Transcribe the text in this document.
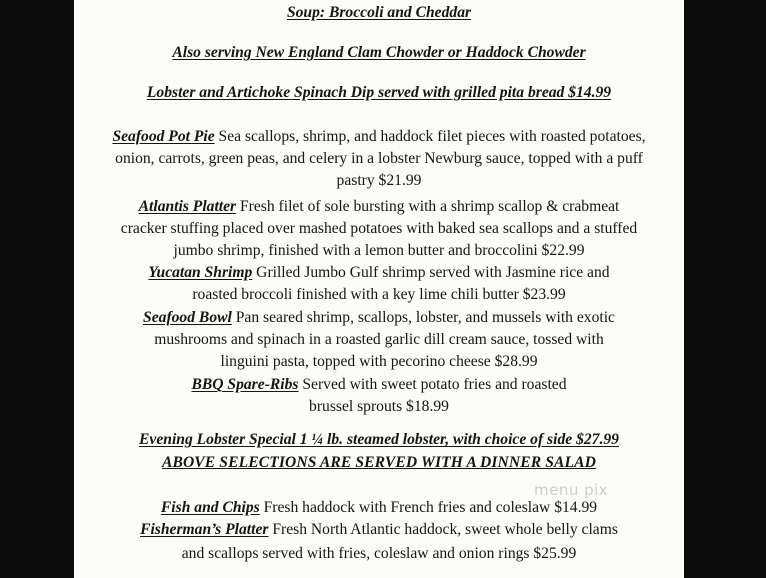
Soup: Broccoli and Cheddar
Also serving New England Clam Chowder or Haddock Chowder
Lobster and Artichoke Spinach Dip served with grilled pita bread $14.99
Seafood Pot Pie Sea scallops, shrimp, and haddock filet pieces with roasted potatoes,
onion, carrots, green peas, and celery in a lobster Newburg sauce, topped with a puff
pastry $21.99
Atlantis Platter Fresh filet of sole bursting with a shrimp scallop & crabmeat
cracker stuffing placed over mashed potatoes with baked sea scallops and a stuffed
jumbo shrimp, finished with a lemon butter and broccolini $22.99
Yucatan Shrimp Grilled Jumbo Gulf shrimp served with Jasmine rice and
roasted broccoli finished with a key lime chili butter $23.99
Seafood Bowl Pan seared shrimp, scallops, lobster, and mussels with exotic
mushrooms and spinach in a roasted garlic dill cream sauce, tossed with
linguini pasta, topped with pecorino cheese $28.99
BBQ Spare-Ribs Served with sweet potato fries and roasted
brussel sprouts $18.99
Evening Lobster Special 1 ¼ lb. steamed lobster, with choice of side $27.99
ABOVE SELECTIONS ARE SERVED WITH A DINNER SALAD
Fish and Chips Fresh haddock with French fries and coleslaw $14.99
Fisherman’s Platter Fresh North Atlantic haddock, sweet whole belly clams
and scallops served with fries, coleslaw and onion rings $25.99
menu pix
